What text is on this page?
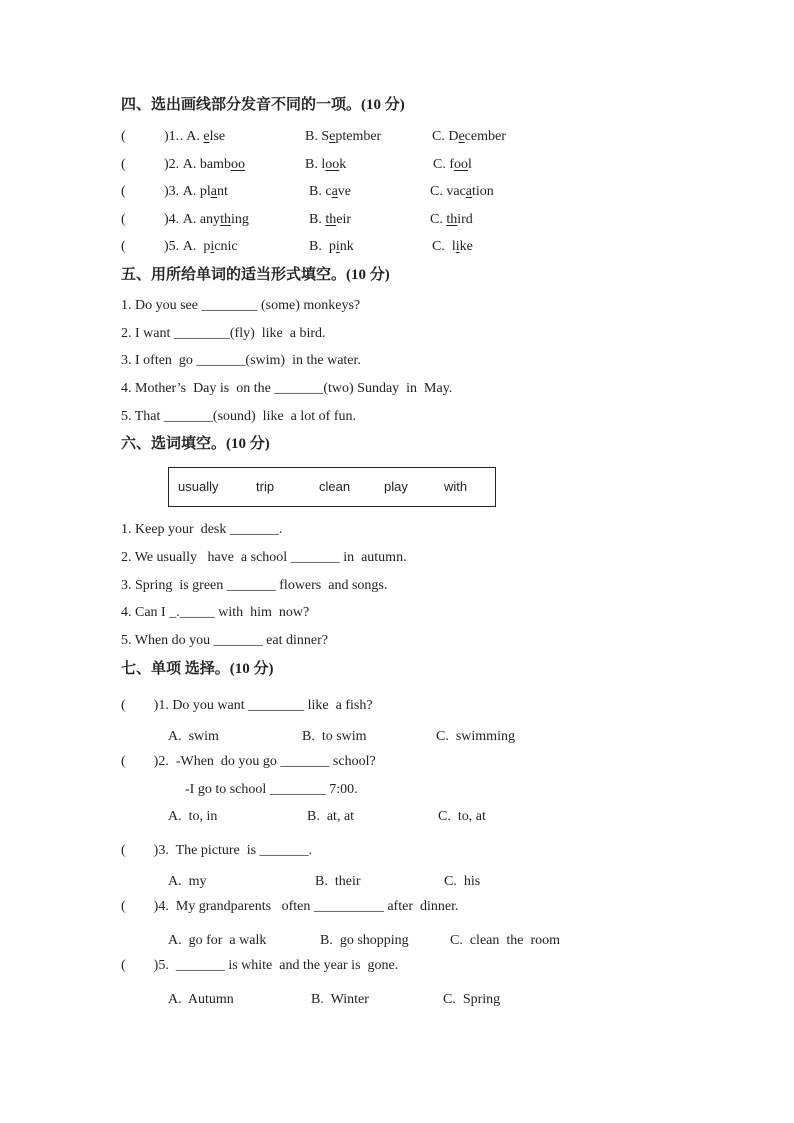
四、选出画线部分发音不同的一项。(10 分)
(	)1. . A. else	B. September	C. December
(	)2. A. bamboo	B. look	C. fool
(	)3. A. plant	B. cave	C. vacation
(	)4. A. anything	B. their	C. third
(	)5. A.  picnic	B.  pink	C.  like
五、用所给单词的适当形式填空。(10 分)
1. Do you see ________ (some) monkeys?
2. I want ________(fly)  like  a bird.
3. I often  go _______(swim)  in the water.
4. Mother’s  Day is  on the _______(two) Sunday  in  May.
5. That _______(sound)  like  a lot of fun.
六、选词填空。(10 分)
usually	trip	clean	play	with
1. Keep your  desk _______.
2. We usually   have  a school _______ in  autumn.
3. Spring  is green _______ flowers  and songs.
4. Can I _._____ with  him  now?
5. When do you _______ eat dinner?
七、单项 选择。(10 分)
(        )1. Do you want ________ like  a fish?
A.  swim	B.  to swim	C.  swimming
(        )2.  -When  do you go _______ school?
-I go to school ________ 7:00.
A.  to, in	B.  at, at	C.  to, at
(        )3.  The picture  is _______.
A.  my	B.  their	C.  his
(        )4.  My grandparents   often __________ after  dinner.
A.  go for  a walk	B.  go shopping	C.  clean  the  room
(        )5.  _______ is white  and the year is  gone.
A.  Autumn	B.  Winter	C.  Spring
